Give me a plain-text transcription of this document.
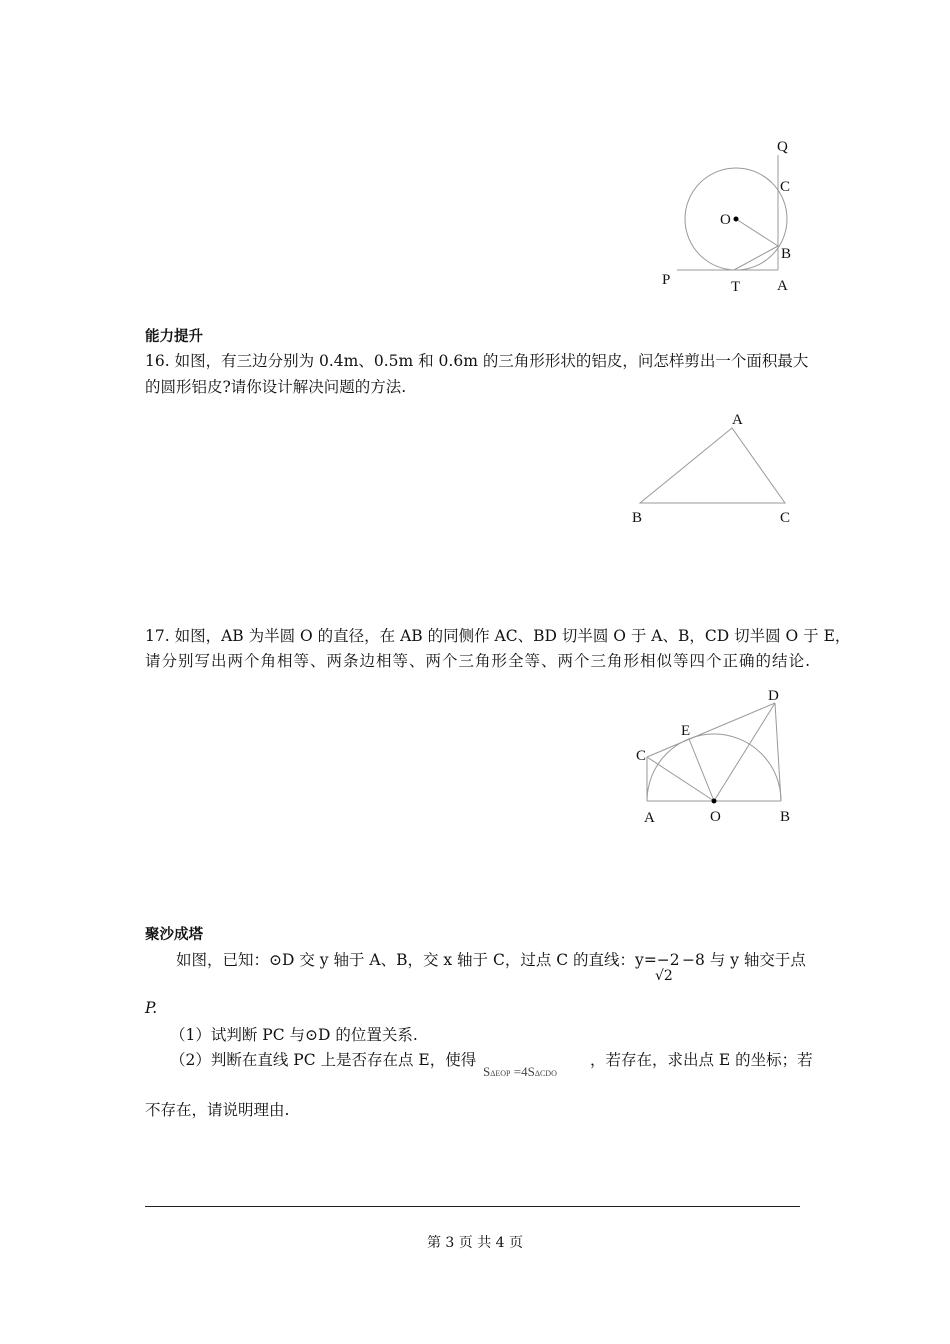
Q
C
O
B
P	T A
A
B	C
D
E
C
A	O	B
能力提升
16. 如图，有三边分别为 0.4m、0.5m 和 0.6m 的三角形形状的铝皮，问怎样剪出一个面积最大
的圆形铝皮?请你设计解决问题的方法.
17. 如图，AB 为半圆 O 的直径，在 AB 的同侧作 AC、BD 切半圆 O 于 A、B，CD 切半圆 O 于 E，
请分别写出两个角相等、两条边相等、两个三角形全等、两个三角形相似等四个正确的结论.
聚沙成塔
如图，已知：⊙D 交 y 轴于 A、B，交 x 轴于 C，过点 C 的直线：y=−2
√2
−8 与 y 轴交于点
P.
（1）试判断 PC 与⊙D 的位置关系.
（2）判断在直线 PC 上是否存在点 E，使得
SΔEOP =4SΔCDO
，若存在，求出点 E 的坐标；若
不存在，请说明理由.
第 3 页 共 4 页
